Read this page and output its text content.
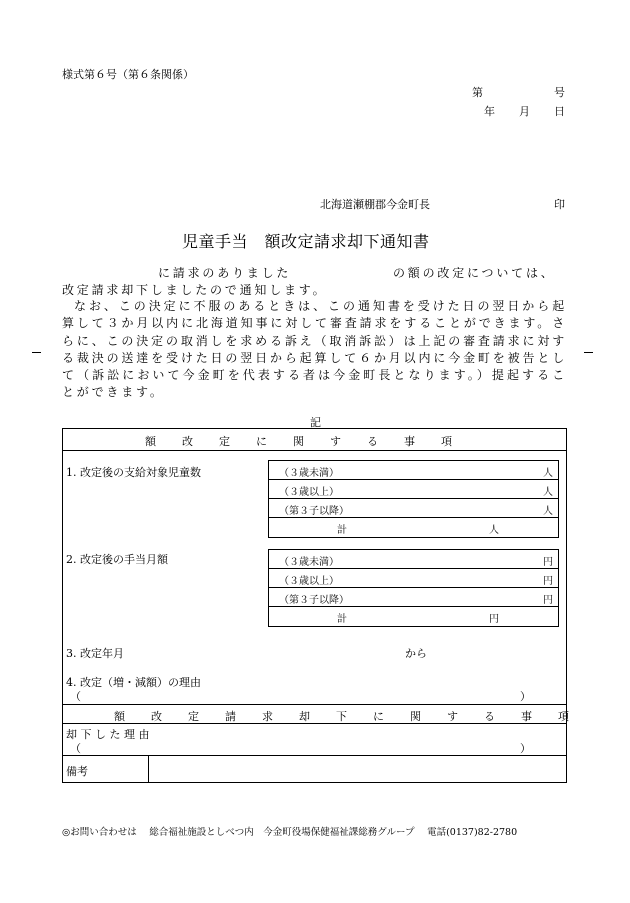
様式第６号（第６条関係）
第	号
年 月 日
北海道瀬棚郡今金町長	印
児童手当　額改定請求却下通知書
に請求のありました	の額の改定については、
改定請求却下しましたので通知します。

なお、この決定に不服のあるときは、この通知書を受けた日の翌日から起算して３か月以内に北海道知事に対して審査請求をすることができます。さらに、この決定の取消しを求める訴え（取消訴訟）は上記の審査請求に対する裁決の送達を受けた日の翌日から起算して６か月以内に今金町を被告として（訴訟において今金町を代表する者は今金町長となります。）提起することができます。

記
額改定に関する事項
1. 改定後の支給対象児童数	（３歳未満）	人
（３歳以上）	人
（第３子以降）	人
計	人
2. 改定後の手当月額	（３歳未満）	円
（３歳以上）	円
（第３子以降）	円
計	円
3. 改定年月	から
4. 改定（増・減額）の理由
（	）
額改定請求却下に関する事項
却 下 し た 理 由
（	）
備考
◎お問い合わせは　 総合福祉施設としべつ内　今金町役場保健福祉課総務グループ　 電話(0137)82-2780
